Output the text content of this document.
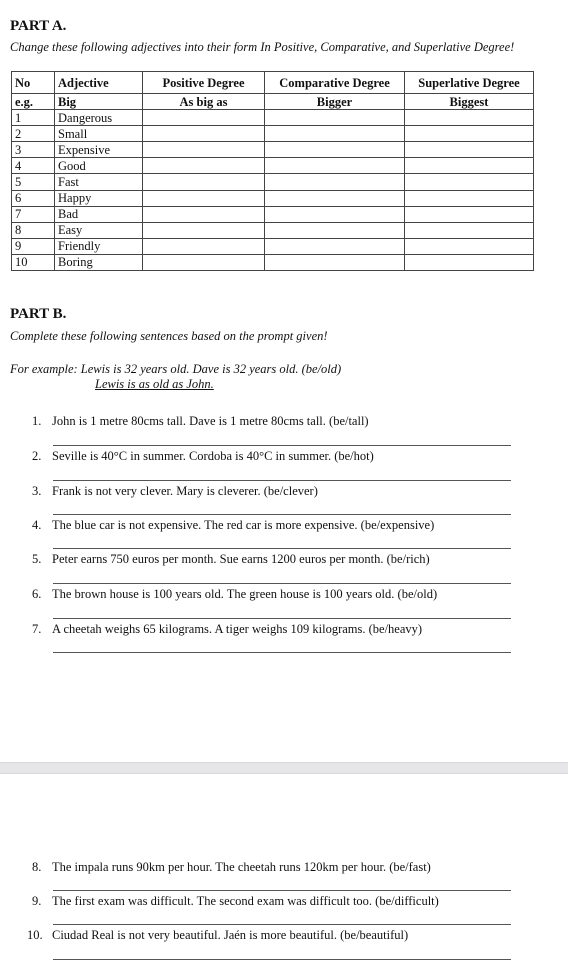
PART A.
Change these following adjectives into their form In Positive, Comparative, and Superlative Degree!
No	Adjective	Positive Degree	Comparative Degree	Superlative Degree
e.g.	Big	As big as	Bigger	Biggest
1	Dangerous			
2	Small			
3	Expensive			
4	Good			
5	Fast			
6	Happy			
7	Bad			
8	Easy			
9	Friendly			
10	Boring			
PART B.
Complete these following sentences based on the prompt given!
For example: Lewis is 32 years old. Dave is 32 years old. (be/old)
Lewis is as old as John.
1. John is 1 metre 80cms tall. Dave is 1 metre 80cms tall. (be/tall)
2. Seville is 40°C in summer. Cordoba is 40°C in summer. (be/hot)
3. Frank is not very clever. Mary is cleverer. (be/clever)
4. The blue car is not expensive. The red car is more expensive. (be/expensive)
5. Peter earns 750 euros per month. Sue earns 1200 euros per month. (be/rich)
6. The brown house is 100 years old. The green house is 100 years old. (be/old)
7. A cheetah weighs 65 kilograms. A tiger weighs 109 kilograms. (be/heavy)
8. The impala runs 90km per hour. The cheetah runs 120km per hour. (be/fast)
9. The first exam was difficult. The second exam was difficult too. (be/difficult)
10. Ciudad Real is not very beautiful. Jaén is more beautiful. (be/beautiful)
